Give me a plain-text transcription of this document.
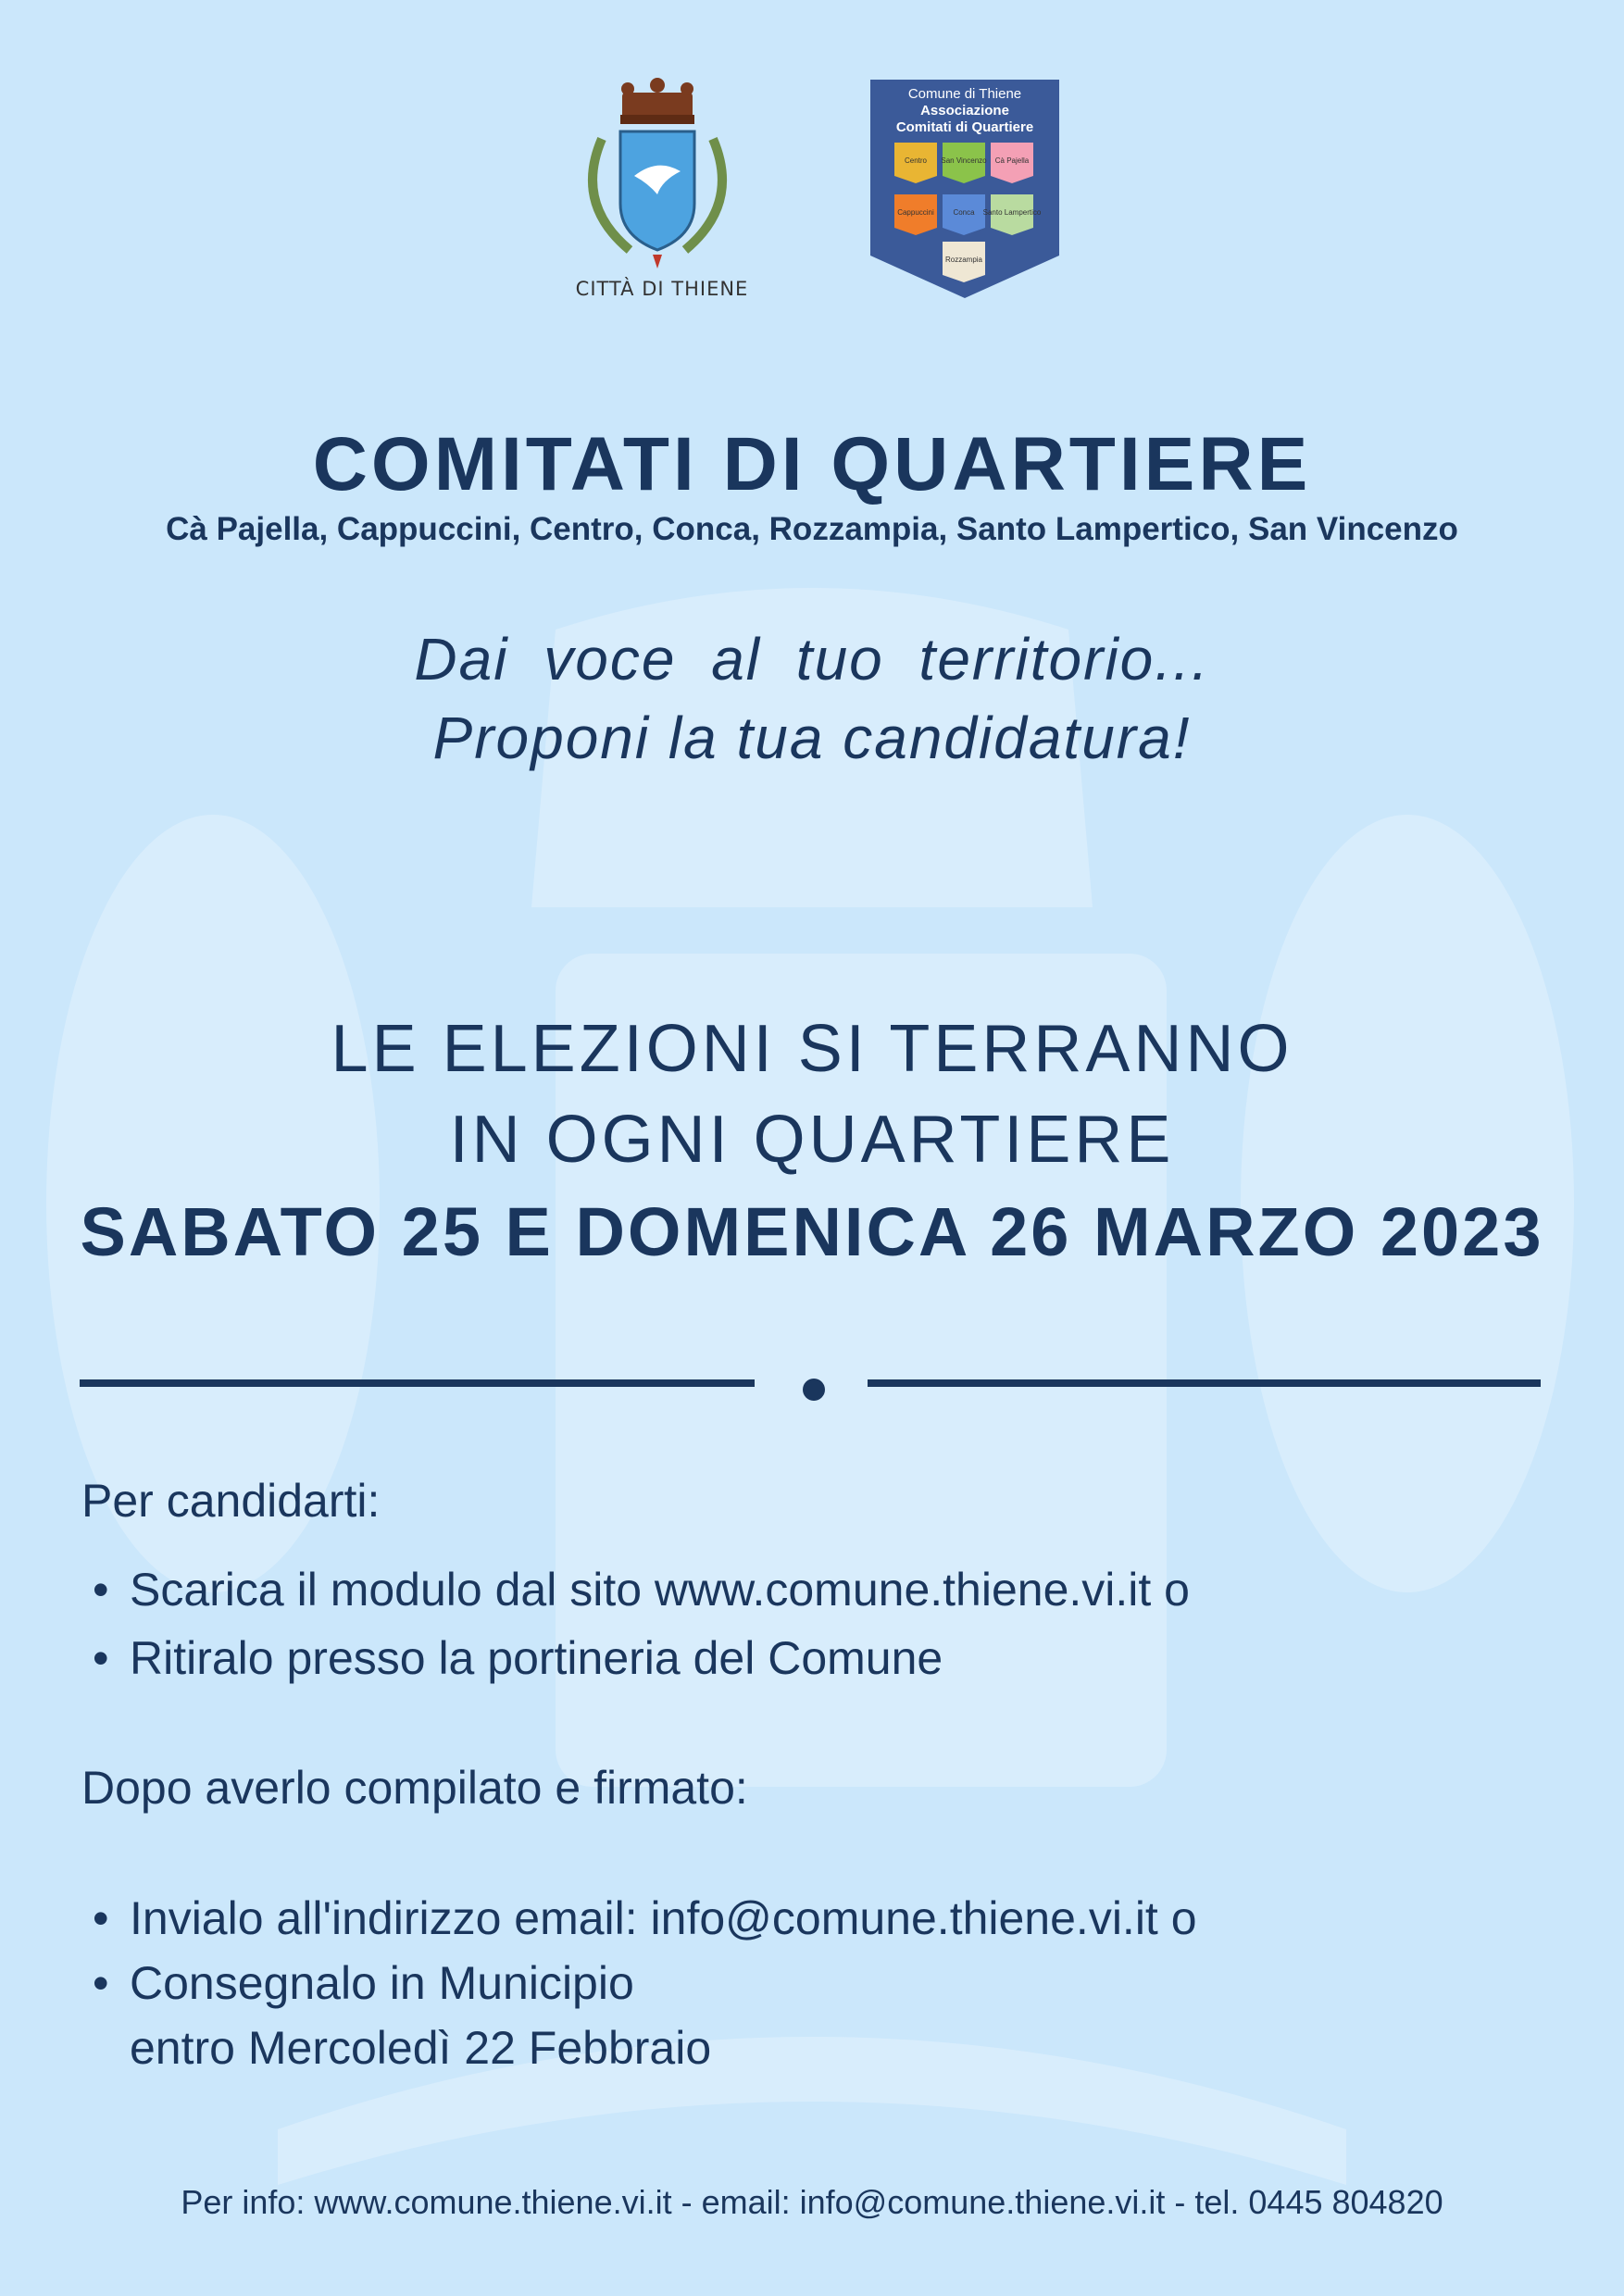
CITTÀ DI THIENE
Comune di Thiene
Associazione
Comitati di Quartiere
Centro San Vincenzo Cà Pajella
Cappuccini	Conca Santo Lampertico
Rozzampia
COMITATI DI QUARTIERE
Cà Pajella, Cappuccini, Centro, Conca, Rozzampia, Santo Lampertico, San Vincenzo
Dai voce al tuo territorio...
Proponi la tua candidatura!
LE ELEZIONI SI TERRANNO
IN OGNI QUARTIERE
SABATO 25 E DOMENICA 26 MARZO 2023
Per candidarti:
• Scarica il modulo dal sito www.comune.thiene.vi.it o
• Ritiralo presso la portineria del Comune
Dopo averlo compilato e firmato:
• Invialo all'indirizzo email: info@comune.thiene.vi.it o
• Consegnalo in Municipio
entro Mercoledì 22 Febbraio
Per info: www.comune.thiene.vi.it - email: info@comune.thiene.vi.it - tel. 0445 804820
